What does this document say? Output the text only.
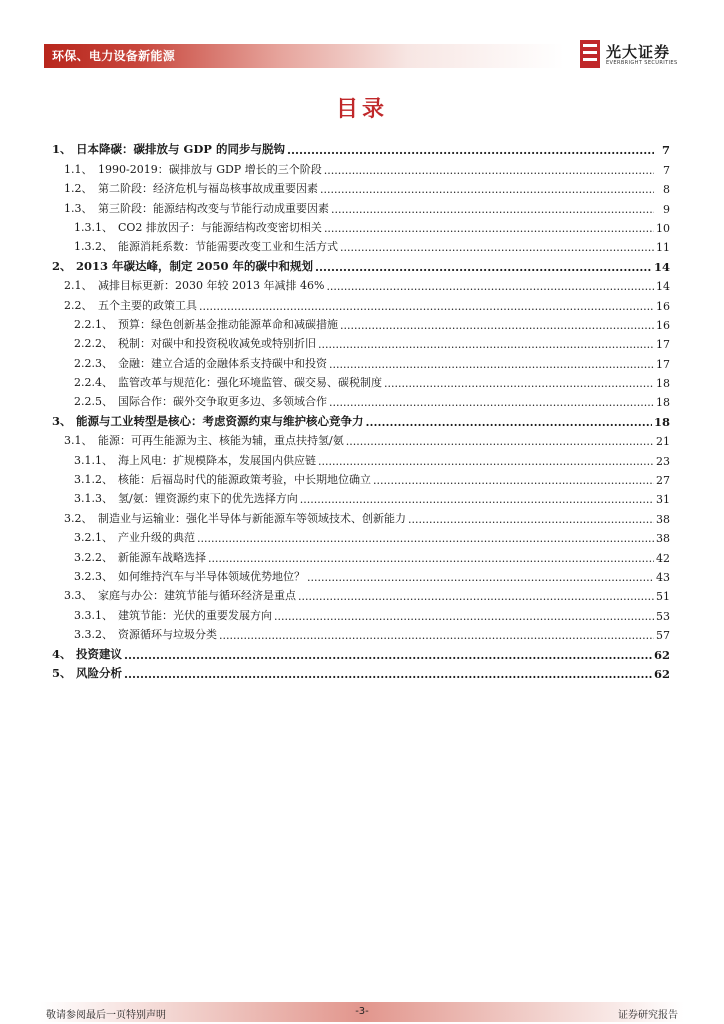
环保、电力设备新能源	光大证券
EVERBRIGHT SECURITIES
目录
1、 日本降碳：碳排放与 GDP 的同步与脱钩 .....	7
1.1、 1990-2019：碳排放与 GDP 增长的三个阶段 .....	7
1.2、 第二阶段：经济危机与福岛核事故成重要因素 .....	8
1.3、 第三阶段：能源结构改变与节能行动成重要因素 .....	9
1.3.1、 CO2 排放因子：与能源结构改变密切相关 .....	10
1.3.2、 能源消耗系数：节能需要改变工业和生活方式 .....	11
2、 2013 年碳达峰，制定 2050 年的碳中和规划 .....	14
2.1、 减排目标更新：2030 年较 2013 年减排 46% .....	14
2.2、 五个主要的政策工具 .....	16
2.2.1、 预算：绿色创新基金推动能源革命和减碳措施 .....	16
2.2.2、 税制：对碳中和投资税收减免或特别折旧 .....	17
2.2.3、 金融：建立合适的金融体系支持碳中和投资 .....	17
2.2.4、 监管改革与规范化：强化环境监管、碳交易、碳税制度 .....	18
2.2.5、 国际合作：碳外交争取更多边、多领域合作 .....	18
3、 能源与工业转型是核心：考虑资源约束与维护核心竞争力 .....	18
3.1、 能源：可再生能源为主、核能为辅，重点扶持氢/氨 .....	21
3.1.1、 海上风电：扩规模降本，发展国内供应链 .....	23
3.1.2、 核能：后福岛时代的能源政策考验，中长期地位确立 .....	27
3.1.3、 氢/氨：锂资源约束下的优先选择方向 .....	31
3.2、 制造业与运输业：强化半导体与新能源车等领域技术、创新能力 .....	38
3.2.1、 产业升级的典范 .....	38
3.2.2、 新能源车战略选择 .....	42
3.2.3、 如何维持汽车与半导体领域优势地位？ .....	43
3.3、 家庭与办公：建筑节能与循环经济是重点 .....	51
3.3.1、 建筑节能：光伏的重要发展方向 .....	53
3.3.2、 资源循环与垃圾分类 .....	57
4、 投资建议 .....	62
5、 风险分析 .....	62
敬请参阅最后一页特别声明	-3-	证券研究报告
